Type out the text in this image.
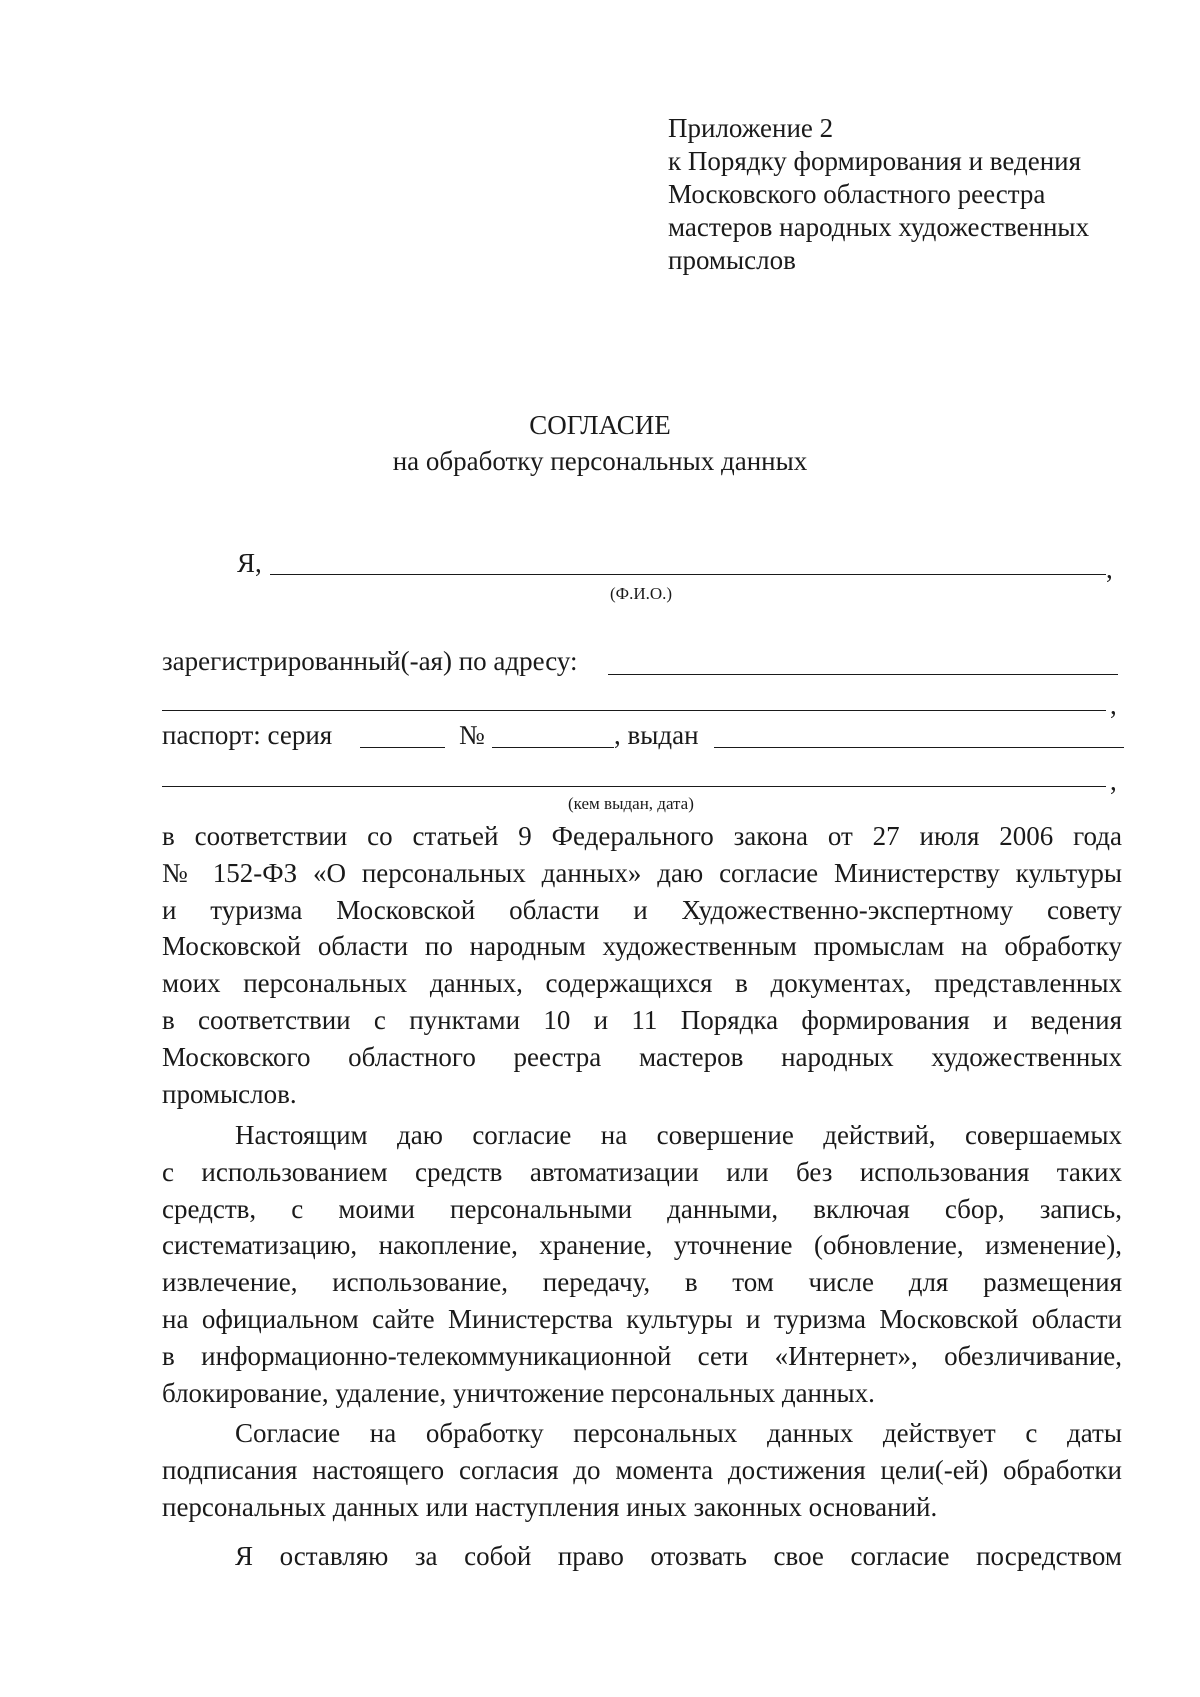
Приложение 2
к Порядку формирования и ведения
Московского областного реестра
мастеров народных художественных
промыслов
СОГЛАСИЕ
на обработку персональных данных
Я,	,
(Ф.И.О.)
зарегистрированный(-ая) по адресу:
,
паспорт: серия	№	, выдан
,
(кем выдан, дата)
в соответствии со статьей 9 Федерального закона от 27 июля 2006 года
№ 152-ФЗ «О персональных данных» даю согласие Министерству культуры
и туризма Московской области и Художественно-экспертному совету
Московской области по народным художественным промыслам на обработку
моих персональных данных, содержащихся в документах, представленных
в соответствии с пунктами 10 и 11 Порядка формирования и ведения
Московского областного реестра мастеров народных художественных
промыслов.
Настоящим даю согласие на совершение действий, совершаемых
с использованием средств автоматизации или без использования таких
средств, с моими персональными данными, включая сбор, запись,
систематизацию, накопление, хранение, уточнение (обновление, изменение),
извлечение, использование, передачу, в том числе для размещения
на официальном сайте Министерства культуры и туризма Московской области
в информационно-телекоммуникационной сети «Интернет», обезличивание,
блокирование, удаление, уничтожение персональных данных.
Согласие на обработку персональных данных действует с даты
подписания настоящего согласия до момента достижения цели(-ей) обработки
персональных данных или наступления иных законных оснований.
Я оставляю за собой право отозвать свое согласие посредством
